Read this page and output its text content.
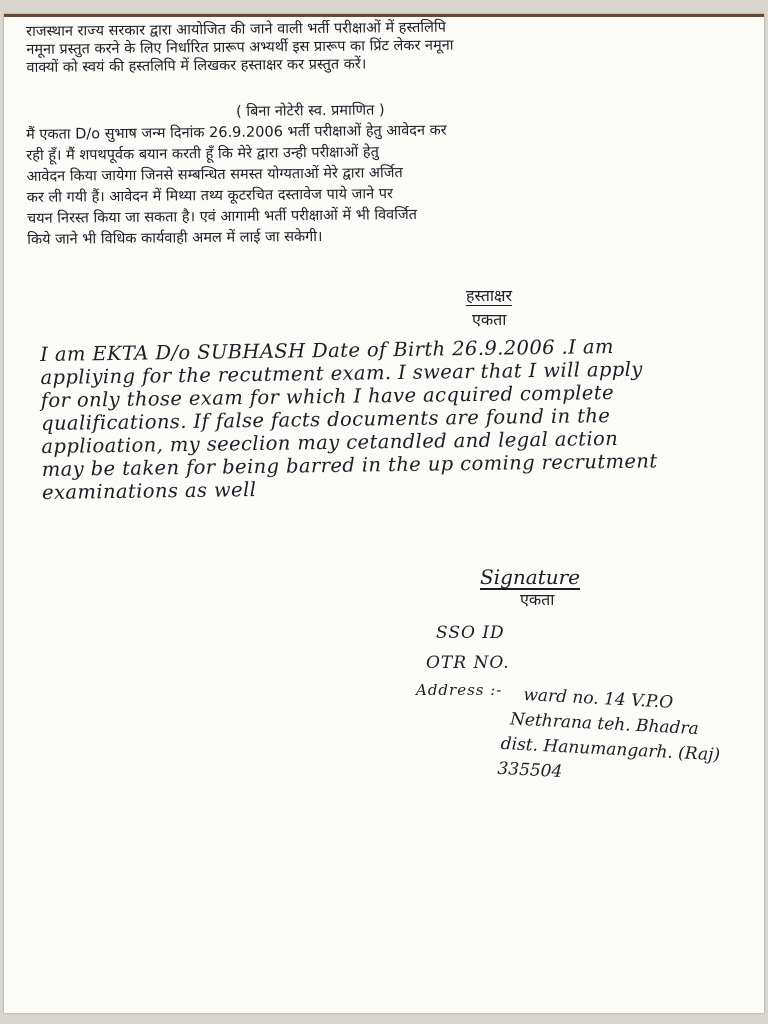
राजस्थान राज्य सरकार द्वारा आयोजित की जाने वाली भर्ती परीक्षाओं में हस्तलिपि
नमूना प्रस्तुत करने के लिए निर्धारित प्रारूप अभ्यर्थी इस प्रारूप का प्रिंट लेकर नमूना
वाक्यों को स्वयं की हस्तलिपि में लिखकर हस्ताक्षर कर प्रस्तुत करें।
( बिना नोटेरी स्व. प्रमाणित )
मैं एकता D/o सुभाष जन्म दिनांक 26.9.2006 भर्ती परीक्षाओं हेतु आवेदन कर
रही हूँ। मैं शपथपूर्वक बयान करती हूँ कि मेरे द्वारा उन्ही परीक्षाओं हेतु
आवेदन किया जायेगा जिनसे सम्बन्धित समस्त योग्यताओं मेरे द्वारा अर्जित
कर ली गयी हैं। आवेदन में मिथ्या तथ्य कूटरचित दस्तावेज पाये जाने पर
चयन निरस्त किया जा सकता है। एवं आगामी भर्ती परीक्षाओं में भी विवर्जित
किये जाने भी विधिक कार्यवाही अमल में लाई जा सकेगी।
हस्ताक्षर
एकता
I am EKTA D/o SUBHASH Date of Birth 26.9.2006 .I am
appliying for the recutment exam. I swear that I will apply
for only those exam for which I have acquired complete
qualifications. If false facts documents are found in the
applioation, my seeclion may cetandled and legal action
may be taken for being barred in the up coming recrutment
examinations as well
Signature
एकता
SSO ID
OTR NO.
Address :- ward no. 14 V.P.O
Nethrana teh. Bhadra
dist. Hanumangarh. (Raj)
335504
